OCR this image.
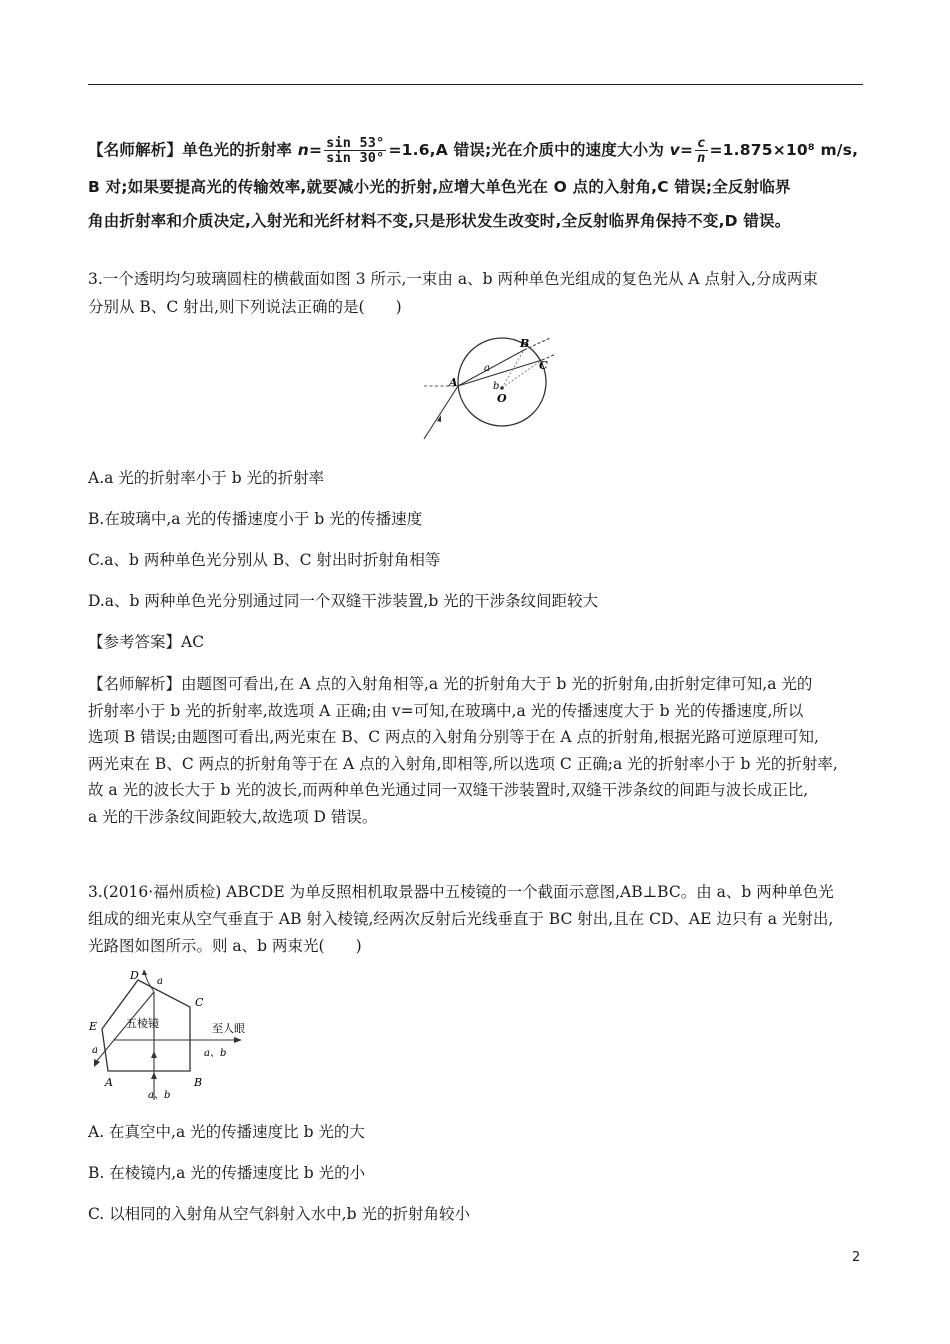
【名师解析】单色光的折射率 $n= \frac{\sin 53^\circ}{\sin 30^\circ} =1.6,A$ 错误;光在介质中的速度大小为 $v= \frac{c}{n} =1.875\times 10^8$ m/s,
B 对;如果要提高光的传输效率,就要减小光的折射,应增大单色光在 O 点的入射角,C 错误;全反射临界
角由折射率和介质决定,入射光和光纤材料不变,只是形状发生改变时,全反射临界角保持不变,D 错误。
3.一个透明均匀玻璃圆柱的横截面如图 3 所示,一束由 a、b 两种单色光组成的复色光从 A 点射入,分成两束
分别从 B、C 射出,则下列说法正确的是(　　)
A
B
C
O
a
b
A.a 光的折射率小于 b 光的折射率
B.在玻璃中,a 光的传播速度小于 b 光的传播速度
C.a、b 两种单色光分别从 B、C 射出时折射角相等
D.a、b 两种单色光分别通过同一个双缝干涉装置,b 光的干涉条纹间距较大
【参考答案】AC
【名师解析】由题图可看出,在 A 点的入射角相等,a 光的折射角大于 b 光的折射角,由折射定律可知,a 光的
折射率小于 b 光的折射率,故选项 A 正确;由 v=可知,在玻璃中,a 光的传播速度大于 b 光的传播速度,所以
选项 B 错误;由题图可看出,两光束在 B、C 两点的入射角分别等于在 A 点的折射角,根据光路可逆原理可知,
两光束在 B、C 两点的折射角等于在 A 点的入射角,即相等,所以选项 C 正确;a 光的折射率小于 b 光的折射率,
故 a 光的波长大于 b 光的波长,而两种单色光通过同一双缝干涉装置时,双缝干涉条纹的间距与波长成正比,
a 光的干涉条纹间距较大,故选项 D 错误。
3.(2016·福州质检) ABCDE 为单反照相机取景器中五棱镜的一个截面示意图,AB⊥BC。由 a、b 两种单色光
组成的细光束从空气垂直于 AB 射入棱镜,经两次反射后光线垂直于 BC 射出,且在 CD、AE 边只有 a 光射出,
光路图如图所示。则 a、b 两束光(　　)
D
C
E
A	B
五棱镜	至人眼
a、b
a、b
a
a
A. 在真空中,a 光的传播速度比 b 光的大
B. 在棱镜内,a 光的传播速度比 b 光的小
C. 以相同的入射角从空气斜射入水中,b 光的折射角较小
2
